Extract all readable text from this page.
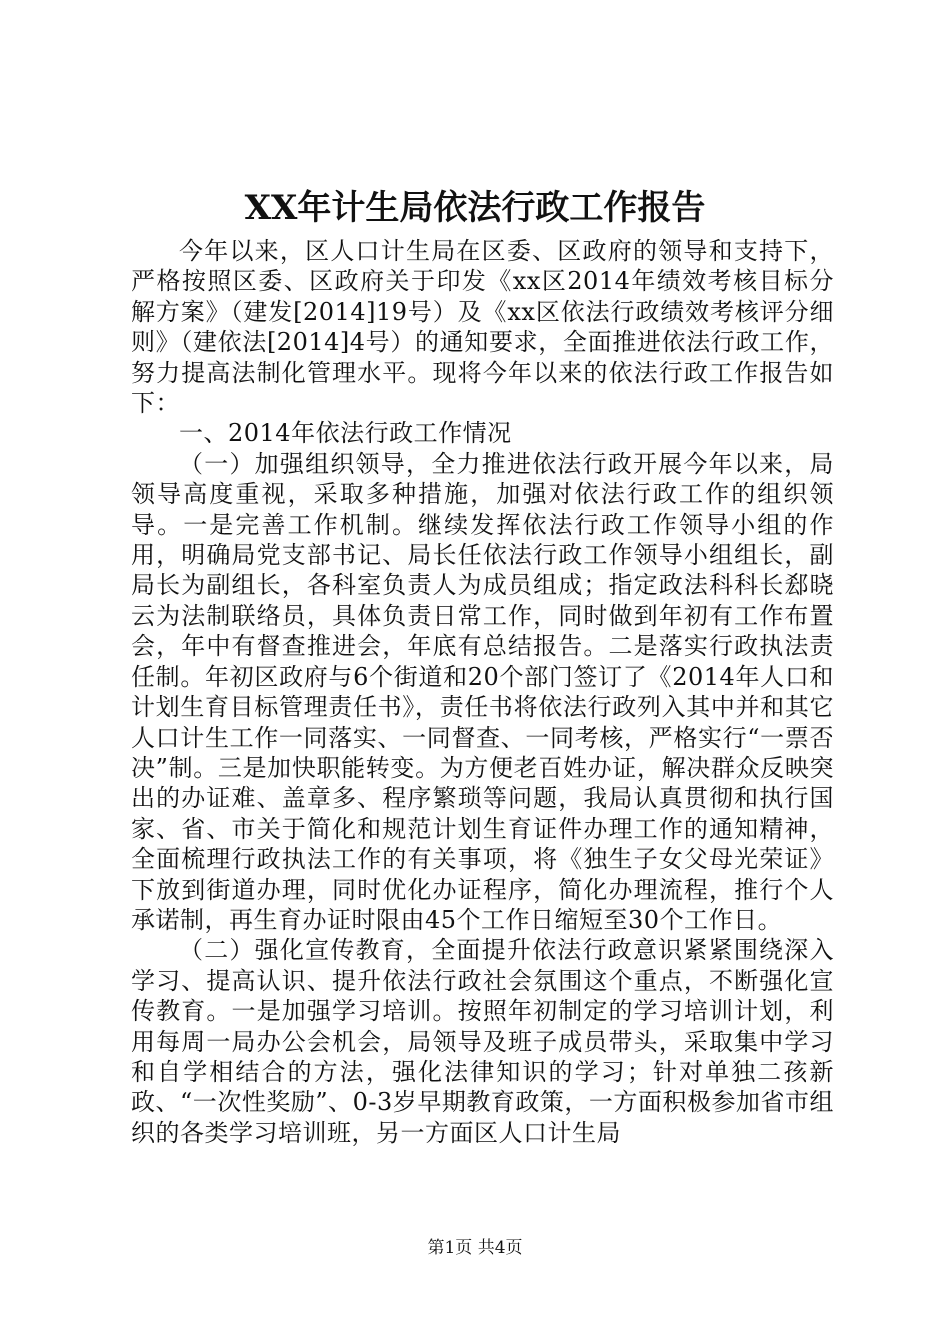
XX年计生局依法行政工作报告

今年以来，区人口计生局在区委、区政府的领导和支持下，严格按照区委、区政府关于印发《xx区2014年绩效考核目标分解方案》（建发[2014]19号）及《xx区依法行政绩效考核评分细则》（建依法[2014]4号）的通知要求，全面推进依法行政工作，努力提高法制化管理水平。现将今年以来的依法行政工作报告如下：

一、2014年依法行政工作情况

（一）加强组织领导，全力推进依法行政开展今年以来，局领导高度重视，采取多种措施，加强对依法行政工作的组织领导。一是完善工作机制。继续发挥依法行政工作领导小组的作用，明确局党支部书记、局长任依法行政工作领导小组组长，副局长为副组长，各科室负责人为成员组成；指定政法科科长郄晓云为法制联络员，具体负责日常工作，同时做到年初有工作布置会，年中有督查推进会，年底有总结报告。二是落实行政执法责任制。年初区政府与6个街道和20个部门签订了《2014年人口和计划生育目标管理责任书》，责任书将依法行政列入其中并和其它人口计生工作一同落实、一同督查、一同考核，严格实行“一票否决”制。三是加快职能转变。为方便老百姓办证，解决群众反映突出的办证难、盖章多、程序繁琐等问题，我局认真贯彻和执行国家、省、市关于简化和规范计划生育证件办理工作的通知精神，全面梳理行政执法工作的有关事项，将《独生子女父母光荣证》下放到街道办理，同时优化办证程序，简化办理流程，推行个人承诺制，再生育办证时限由45个工作日缩短至30个工作日。

（二）强化宣传教育，全面提升依法行政意识紧紧围绕深入学习、提高认识、提升依法行政社会氛围这个重点，不断强化宣传教育。一是加强学习培训。按照年初制定的学习培训计划，利用每周一局办公会机会，局领导及班子成员带头，采取集中学习和自学相结合的方法，强化法律知识的学习；针对单独二孩新政、“一次性奖励”、0-3岁早期教育政策，一方面积极参加省市组织的各类学习培训班，另一方面区人口计生局

第1页 共4页
